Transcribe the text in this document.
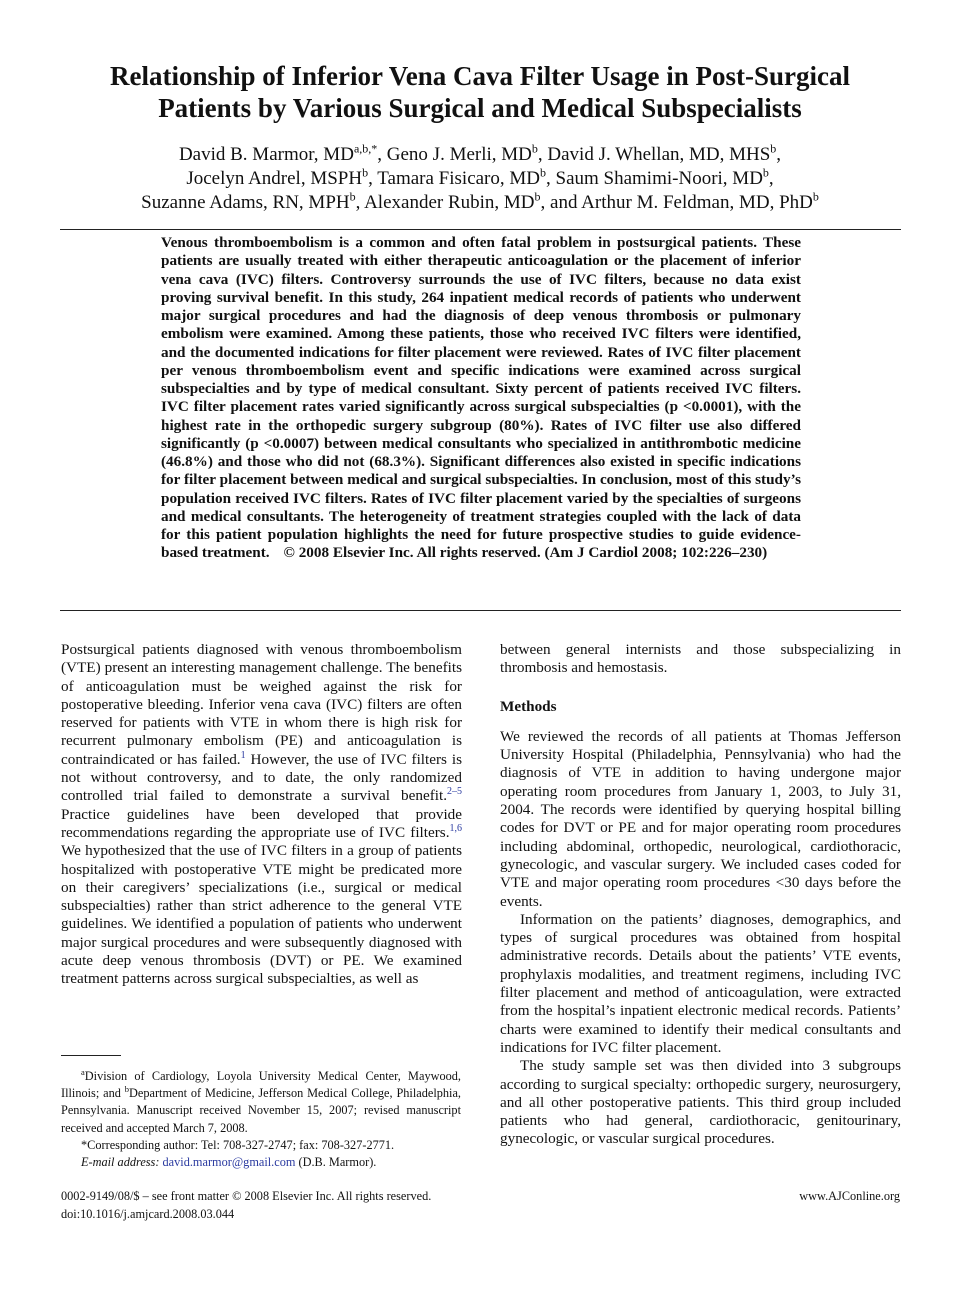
Relationship of Inferior Vena Cava Filter Usage in Post-Surgical
Patients by Various Surgical and Medical Subspecialists
David B. Marmor, $MD^{a,b,*}$, Geno J. Merli, $MD^b$, David J. Whellan, MD, MHS$^b$,
Jocelyn Andrel, MSPH$^b$, Tamara Fisicaro, $MD^b$, Saum Shamimi-Noori, $MD^b$,
Suzanne Adams, RN, MPH$^b$, Alexander Rubin, $MD^b$, and Arthur M. Feldman, MD, PhD$^b$

Venous thromboembolism is a common and often fatal problem in postsurgical patients. These patients are usually treated with either therapeutic anticoagulation or the placement of inferior vena cava (IVC) filters. Controversy surrounds the use of IVC filters, because no data exist proving survival benefit. In this study, 264 inpatient medical records of patients who underwent major surgical procedures and had the diagnosis of deep venous thrombosis or pulmonary embolism were examined. Among these patients, those who received IVC filters were identified, and the documented indications for filter placement were reviewed. Rates of IVC filter placement per venous thromboembolism event and specific indications were examined across surgical subspecialties and by type of medical consultant. Sixty percent of patients received IVC filters. IVC filter placement rates varied significantly across surgical subspecialties (p <0.0001), with the highest rate in the orthopedic surgery subgroup (80%). Rates of IVC filter use also differed significantly (p <0.0007) between medical consultants who specialized in antithrombotic medicine (46.8%) and those who did not (68.3%). Significant differences also existed in specific indications for filter placement between medical and surgical subspecialties. In conclusion, most of this study’s population received IVC filters. Rates of IVC filter placement varied by the specialties of surgeons and medical consultants. The heterogeneity of treatment strategies coupled with the lack of data for this patient population highlights the need for future prospective studies to guide evidence-based treatment. © 2008 Elsevier Inc. All rights reserved. (Am J Cardiol 2008; 102:226–230)

Postsurgical patients diagnosed with venous thromboembolism (VTE) present an interesting management challenge. The benefits of anticoagulation must be weighed against the risk for postoperative bleeding. Inferior vena cava (IVC) filters are often reserved for patients with VTE in whom there is high risk for recurrent pulmonary embolism (PE) and anticoagulation is contraindicated or has failed.$^1$ However, the use of IVC filters is not without controversy, and to date, the only randomized controlled trial failed to demonstrate a survival benefit.$^{2-5}$ Practice guidelines have been developed that provide recommendations regarding the appropriate use of IVC filters.$^{1,6}$ We hypothesized that the use of IVC filters in a group of patients hospitalized with postoperative VTE might be predicated more on their caregivers’ specializations (i.e., surgical or medical subspecialties) rather than strict adherence to the general VTE guidelines. We identified a population of patients who underwent major surgical procedures and were subsequently diagnosed with acute deep venous thrombosis (DVT) or PE. We examined treatment patterns across surgical subspecialties, as well as

between general internists and those subspecializing in thrombosis and hemostasis.

Methods

We reviewed the records of all patients at Thomas Jefferson University Hospital (Philadelphia, Pennsylvania) who had the diagnosis of VTE in addition to having undergone major operating room procedures from January 1, 2003, to July 31, 2004. The records were identified by querying hospital billing codes for DVT or PE and for major operating room procedures including abdominal, orthopedic, neurological, cardiothoracic, gynecologic, and vascular surgery. We included cases coded for VTE and major operating room procedures <30 days before the events.

Information on the patients’ diagnoses, demographics, and types of surgical procedures was obtained from hospital administrative records. Details about the patients’ VTE events, prophylaxis modalities, and treatment regimens, including IVC filter placement and method of anticoagulation, were extracted from the hospital’s inpatient electronic medical records. Patients’ charts were examined to identify their medical consultants and indications for IVC filter placement.

The study sample set was then divided into 3 subgroups according to surgical specialty: orthopedic surgery, neurosurgery, and all other postoperative patients. This third group included patients who had general, cardiothoracic, genitourinary, gynecologic, or vascular surgical procedures.

$^a$Division of Cardiology, Loyola University Medical Center, Maywood, Illinois; and $^b$Department of Medicine, Jefferson Medical College, Philadelphia, Pennsylvania. Manuscript received November 15, 2007; revised manuscript received and accepted March 7, 2008.

*Corresponding author: Tel: 708-327-2747; fax: 708-327-2771.

E-mail address: david.marmor@gmail.com (D.B. Marmor).

0002-9149/08/$ – see front matter © 2008 Elsevier Inc. All rights reserved.
doi:10.1016/j.amjcard.2008.03.044
www.AJConline.org
